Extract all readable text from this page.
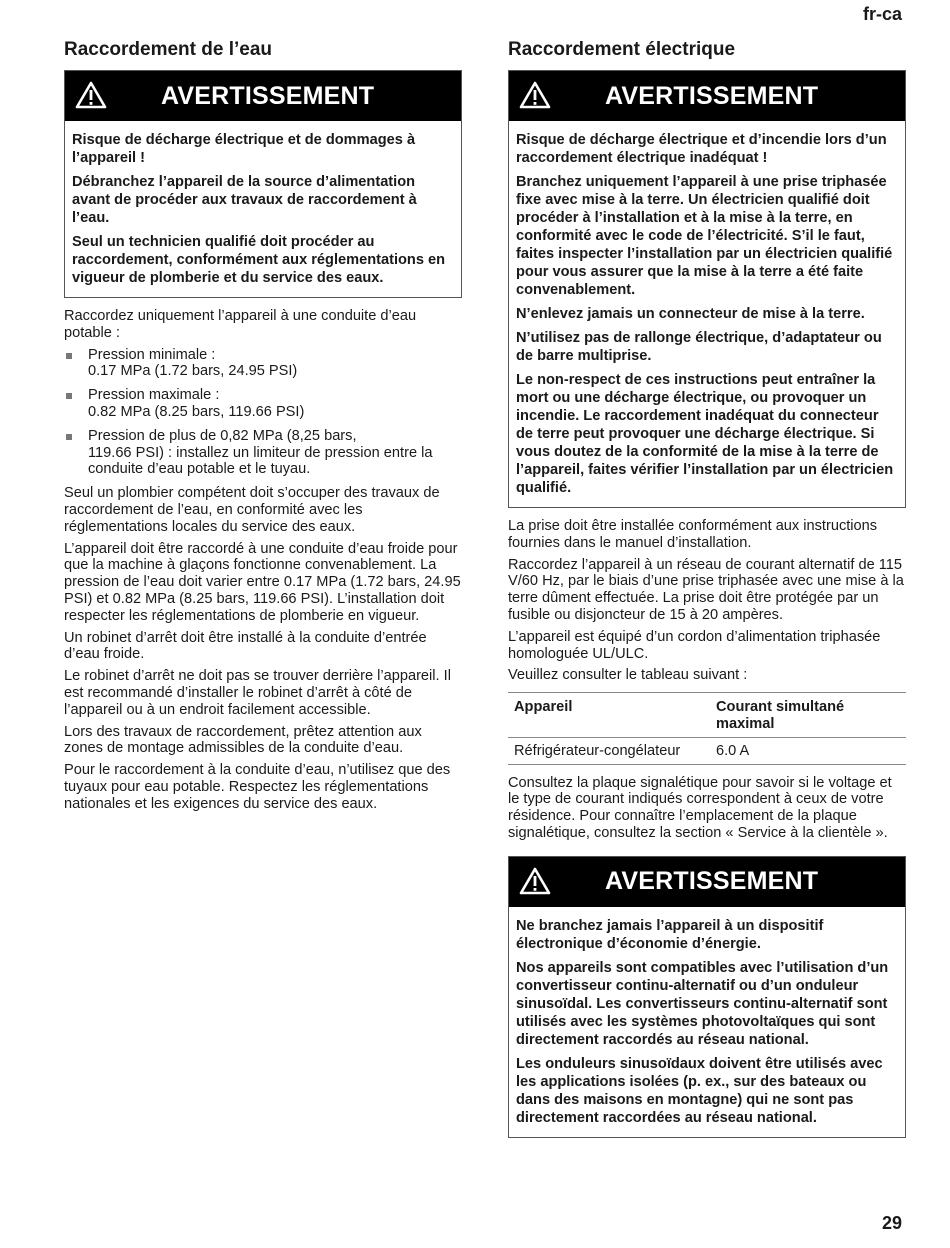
fr-ca
Raccordement de l’eau
AVERTISSEMENT

Risque de décharge électrique et de dommages à l’appareil !

Débranchez l’appareil de la source d’alimentation avant de procéder aux travaux de raccordement à l’eau.

Seul un technicien qualifié doit procéder au raccordement, conformément aux réglementations en vigueur de plomberie et du service des eaux.

Raccordez uniquement l’appareil à une conduite d’eau potable :

Pression minimale :
0.17 MPa (1.72 bars, 24.95 PSI)
Pression maximale :
0.82 MPa (8.25 bars, 119.66 PSI)
Pression de plus de 0,82 MPa (8,25 bars,
119.66 PSI) : installez un limiteur de pression entre la conduite d’eau potable et le tuyau.

Seul un plombier compétent doit s’occuper des travaux de raccordement de l’eau, en conformité avec les réglementations locales du service des eaux.

L’appareil doit être raccordé à une conduite d’eau froide pour que la machine à glaçons fonctionne convenablement. La pression de l’eau doit varier entre 0.17 MPa (1.72 bars, 24.95 PSI) et 0.82 MPa (8.25 bars, 119.66 PSI). L’installation doit respecter les réglementations de plomberie en vigueur.

Un robinet d’arrêt doit être installé à la conduite d’entrée d’eau froide.

Le robinet d’arrêt ne doit pas se trouver derrière l’appareil. Il est recommandé d’installer le robinet d’arrêt à côté de l’appareil ou à un endroit facilement accessible.

Lors des travaux de raccordement, prêtez attention aux zones de montage admissibles de la conduite d’eau.

Pour le raccordement à la conduite d’eau, n’utilisez que des tuyaux pour eau potable. Respectez les réglementations nationales et les exigences du service des eaux.

Raccordement électrique
AVERTISSEMENT

Risque de décharge électrique et d’incendie lors d’un raccordement électrique inadéquat !

Branchez uniquement l’appareil à une prise triphasée fixe avec mise à la terre. Un électricien qualifié doit procéder à l’installation et à la mise à la terre, en conformité avec le code de l’électricité. S’il le faut, faites inspecter l’installation par un électricien qualifié pour vous assurer que la mise à la terre a été faite convenablement.

N’enlevez jamais un connecteur de mise à la terre.

N’utilisez pas de rallonge électrique, d’adaptateur ou de barre multiprise.

Le non-respect de ces instructions peut entraîner la mort ou une décharge électrique, ou provoquer un incendie. Le raccordement inadéquat du connecteur de terre peut provoquer une décharge électrique. Si vous doutez de la conformité de la mise à la terre de l’appareil, faites vérifier l’installation par un électricien qualifié.

La prise doit être installée conformément aux instructions fournies dans le manuel d’installation.

Raccordez l’appareil à un réseau de courant alternatif de 115 V/60 Hz, par le biais d’une prise triphasée avec une mise à la terre dûment effectuée. La prise doit être protégée par un fusible ou disjoncteur de 15 à 20 ampères.

L’appareil est équipé d’un cordon d’alimentation triphasée homologuée UL/ULC.

Veuillez consulter le tableau suivant :

Appareil	Courant simultané maximal
Réfrigérateur-congélateur	6.0 A

Consultez la plaque signalétique pour savoir si le voltage et le type de courant indiqués correspondent à ceux de votre résidence. Pour connaître l’emplacement de la plaque signalétique, consultez la section « Service à la clientèle ».

AVERTISSEMENT

Ne branchez jamais l’appareil à un dispositif électronique d’économie d’énergie.

Nos appareils sont compatibles avec l’utilisation d’un convertisseur continu-alternatif ou d’un onduleur sinusoïdal. Les convertisseurs continu-alternatif sont utilisés avec les systèmes photovoltaïques qui sont directement raccordés au réseau national.

Les onduleurs sinusoïdaux doivent être utilisés avec les applications isolées (p. ex., sur des bateaux ou dans des maisons en montagne) qui ne sont pas directement raccordées au réseau national.

29
